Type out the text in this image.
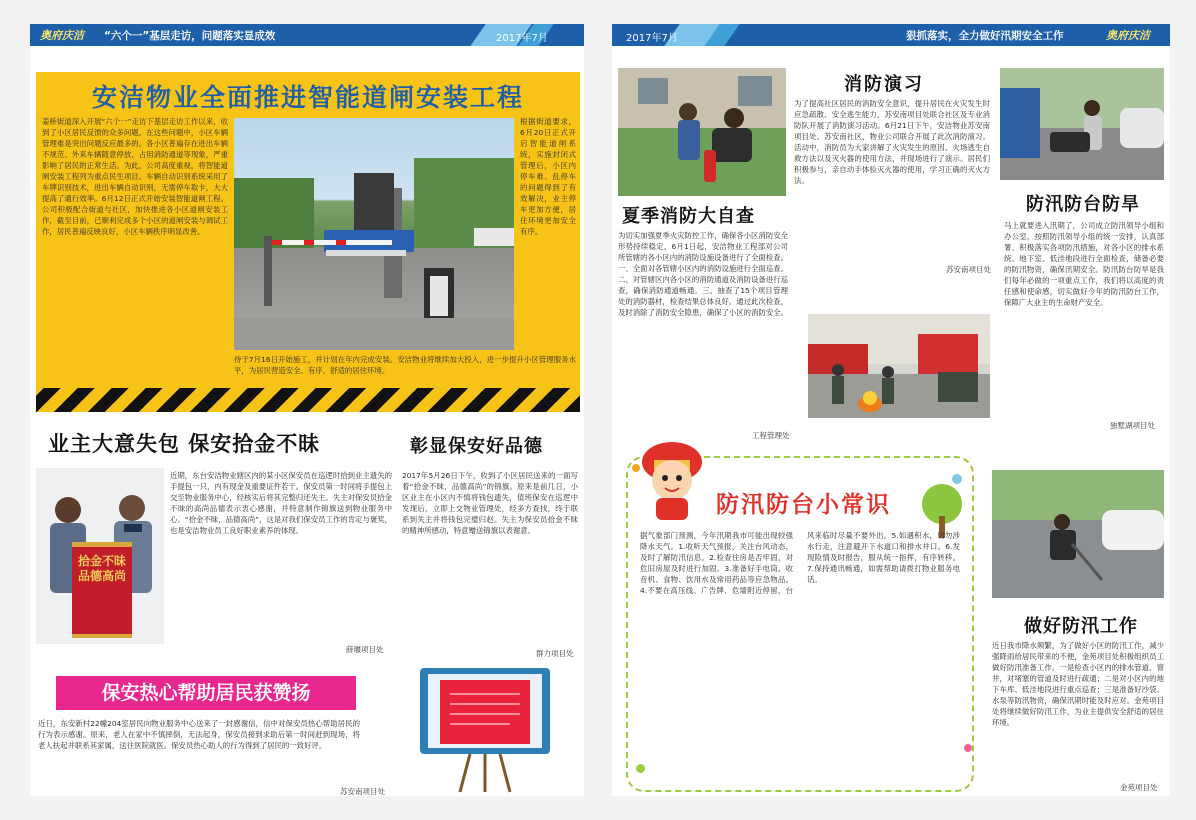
奥府庆洁 “六个一”基层走访，问题落实显成效	2017年7月
安洁物业全面推进智能道闸安装工程
姜桥街道深入开展“六个一”走访下基层走访工作以来，收到了小区居民反馈的众多问题。在这些问题中，小区车辆管理难是突出问题反应最多的。各小区普遍存在进出车辆不规范、外来车辆随意停放、占用消防通道等现象，严重影响了居民的正常生活。为此，公司高度重视，将智能道闸安装工程列为重点民生项目。车辆自动识别系统采用了车牌识别技术，进出车辆自动识别，无需停车取卡，大大提高了通行效率。6月12日正式开始安装智能道闸工程。公司积极配合街道与社区，加快推进各小区道闸安装工作，截至目前，已顺利完成多个小区的道闸安装与调试工作，居民普遍反映良好，小区车辆秩序明显改善。
根据街道要求，6月20日正式开启智能道闸系统，实施封闭式管理后，小区内停车难、乱停车的问题得到了有效解决，业主停车更加方便，居住环境更加安全有序。
待于7月16日开始施工，并计划在年内完成安装。安洁物业将继续加大投入，进一步提升小区管理服务水平，为居民营造安全、有序、舒适的居住环境。
业主大意失包 保安拾金不昧
拾金不昧 品德高尚
近期，东台安洁物业辖区内的某小区保安员在巡逻时拾到业主遗失的手提包一只，内有现金及重要证件若干。保安员第一时间将手提包上交至物业服务中心，经核实后将其完整归还失主。失主对保安员拾金不昧的高尚品德表示衷心感谢，并特意制作锦旗送到物业服务中心。“拾金不昧，品德高尚”，这是对我们保安员工作的肯定与褒奖，也是安洁物业员工良好职业素养的体现。
薛堰项目处
彰显保安好品德
2017年5月26日下午，收到了小区居民送来的一面写着“拾金不昧，品德高尚”的锦旗。原来是前几日，小区业主在小区内不慎将钱包遗失，值班保安在巡逻中发现后，立即上交物业管理处，经多方查找，终于联系到失主并将钱包完璧归赵。失主为保安员拾金不昧的精神所感动，特意赠送锦旗以表谢意。
群力项目处
保安热心帮助居民获赞扬
近日，东安新村22幢204室居民向物业服务中心送来了一封感谢信，信中对保安员热心帮助居民的行为表示感谢。原来，老人在家中不慎摔倒，无法起身，保安员接到求助后第一时间赶到现场，将老人扶起并联系其家属，送往医院就医。保安员热心助人的行为得到了居民的一致好评。
苏安南项目处
2017年7月	狠抓落实，全力做好汛期安全工作	奥府庆洁
消防演习
为了提高社区居民的消防安全意识，提升居民在火灾发生时应急疏散、安全逃生能力，苏安南项目处联合社区及专业消防队开展了消防演习活动。6月21日下午，安洁物业苏安南项目处、苏安南社区、物业公司联合开展了此次消防演习。活动中，消防员为大家讲解了火灾发生的原因、火场逃生自救方法以及灭火器的使用方法，并现场进行了演示。居民们积极参与，亲自动手体验灭火器的使用，学习正确的灭火方法。
苏安南项目处
防汛防台防旱
夏季消防大自查
为切实加强夏季火灾防控工作，确保各小区消防安全形势持续稳定，6月1日起，安洁物业工程部对公司所管辖的各小区内的消防设施设备进行了全面检查。一、全面对各管辖小区内的消防设施进行全面巡查。二、对管辖区内各小区的消防通道及消防设备进行巡查，确保消防通道畅通。三、抽查了15个项目管理处的消防器材，检查结果总体良好。通过此次检查，及时消除了消防安全隐患，确保了小区的消防安全。
工程管理处
马上就要进入汛期了，公司成立防汛领导小组和办公室，按照防汛领导小组的统一安排，认真部署、积极落实各项防汛措施，对各小区的排水系统、地下室、低洼地段进行全面检查，储备必要的防汛物资，确保汛期安全。防汛防台防旱是我们每年必做的一项重点工作，我们将以高度的责任感和使命感，切实做好今年的防汛防台工作，保障广大业主的生命财产安全。
独墅湖项目处
防汛防台小常识
据气象部门预测，今年汛期我市可能出现较强降水天气。1.收听天气预报，关注台风动态，及时了解防汛信息。2.检查住房是否牢固，对危旧房屋及时进行加固。3.准备好手电筒、收音机、食物、饮用水及常用药品等应急物品。4.不要在高压线、广告牌、危墙附近停留，台风来临时尽量不要外出。5.如遇积水，切勿涉水行走，注意避开下水道口和排水井口。6.发现险情及时报告，服从统一指挥，有序转移。7.保持通讯畅通，如需帮助请拨打物业服务电话。
做好防汛工作
近日我市降水频繁，为了做好小区的防汛工作，减少强降雨给居民带来的不便，金苑项目处积极组织员工做好防汛准备工作。一是检查小区内的排水管道、窨井，对堵塞的管道及时进行疏通；二是对小区内的地下车库、低洼地段进行重点巡查；三是准备好沙袋、水泵等防汛物资，确保汛期时能及时应对。金苑项目处将继续做好防汛工作，为业主提供安全舒适的居住环境。
金苑项目处
